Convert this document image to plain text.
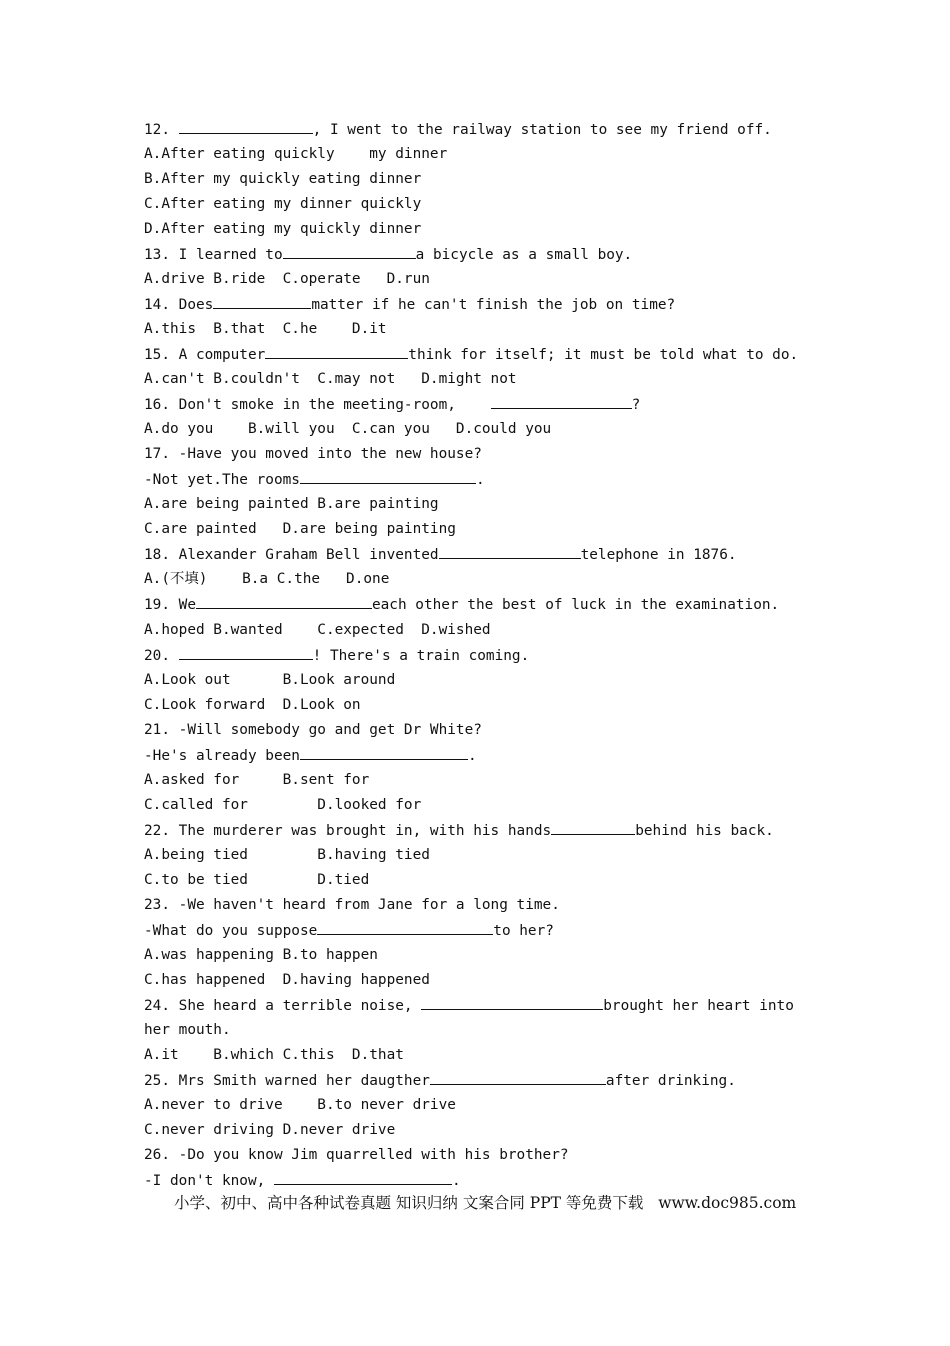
12.	, I went to the railway station to see my friend off.
A.After eating quickly    my dinner
B.After my quickly eating dinner
C.After eating my dinner quickly
D.After eating my quickly dinner
13. I learned to	a bicycle as a small boy.
A.drive B.ride  C.operate   D.run
14. Does	matter if he can't finish the job on time?
A.this  B.that  C.he    D.it
15. A computer	think for itself; it must be told what to do.
A.can't B.couldn't  C.may not   D.might not
16. Don't smoke in the meeting-room,	?
A.do you    B.will you  C.can you   D.could you
17. -Have you moved into the new house?
-Not yet.The rooms	.
A.are being painted B.are painting
C.are painted   D.are being painting
18. Alexander Graham Bell invented	telephone in 1876.
A.(不填)    B.a C.the   D.one
19. We	each other the best of luck in the examination.
A.hoped B.wanted    C.expected  D.wished
20.	! There's a train coming.
A.Look out      B.Look around
C.Look forward  D.Look on
21. -Will somebody go and get Dr White?
-He's already been	.
A.asked for     B.sent for
C.called for        D.looked for
22. The murderer was brought in, with his hands	behind his back.
A.being tied        B.having tied
C.to be tied        D.tied
23. -We haven't heard from Jane for a long time.
-What do you suppose	to her?
A.was happening B.to happen
C.has happened  D.having happened
24. She heard a terrible noise,	brought her heart into
her mouth.
A.it    B.which C.this  D.that
25. Mrs Smith warned her daugther	after drinking.
A.never to drive    B.to never drive
C.never driving D.never drive
26. -Do you know Jim quarrelled with his brother?
-I don't know,	.
小学、初中、高中各种试卷真题 知识归纳 文案合同 PPT 等免费下载   www.doc985.com
